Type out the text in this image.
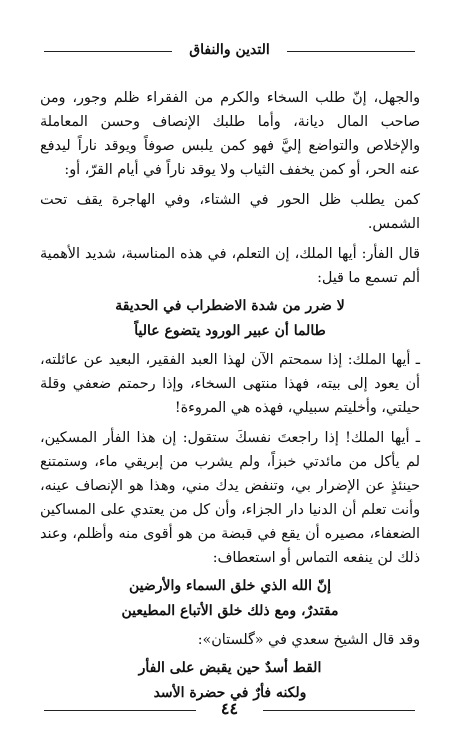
التدين والنفاق

والجهل، إنّ طلب السخاء والكرم من الفقراء ظلم وجور، ومن صاحب المال ديانة، وأما طلبك الإنصاف وحسن المعاملة والإخلاص والتواضع إليَّ فهو كمن يلبس صوفاً ويوقد ناراً ليدفع عنه الحر، أو كمن يخفف الثياب ولا يوقد ناراً في أيام القرّ، أو:

كمن يطلب ظل الحور في الشتاء، وفي الهاجرة يقف تحت الشمس.

قال الفأر: أيها الملك، إن التعلم، في هذه المناسبة، شديد الأهمية ألم تسمع ما قيل:

لا ضرر من شدة الاضطراب في الحديقة

طالما أن عبير الورود يتضوع عالياً

ـ أيها الملك: إذا سمحتم الآن لهذا العبد الفقير، البعيد عن عائلته، أن يعود إلى بيته، فهذا منتهى السخاء، وإذا رحمتم ضعفي وقلة حيلتي، وأخليتم سبيلي، فهذه هي المروءة!

ـ أيها الملك! إذا راجعتَ نفسكَ ستقول: إن هذا الفأر المسكين، لم يأكل من مائدتي خبزاً، ولم يشرب من إبريقي ماء، وستمتنع حينئذٍ عن الإضرار بي، وتنفض يدك مني، وهذا هو الإنصاف عينه، وأنت تعلم أن الدنيا دار الجزاء، وأن كل من يعتدي على المساكين الضعفاء، مصيره أن يقع في قبضة من هو أقوى منه وأظلم، وعند ذلك لن ينفعه التماس أو استعطاف:

إنّ الله الذي خلق السماء والأرضين

مقتدرٌ، ومع ذلك خلق الأتباع المطيعين

وقد قال الشيخ سعدي في «گلستان»:

القط أسدٌ حين يقبض على الفأر

ولكنه فأرٌ في حضرة الأسد

٤٤
